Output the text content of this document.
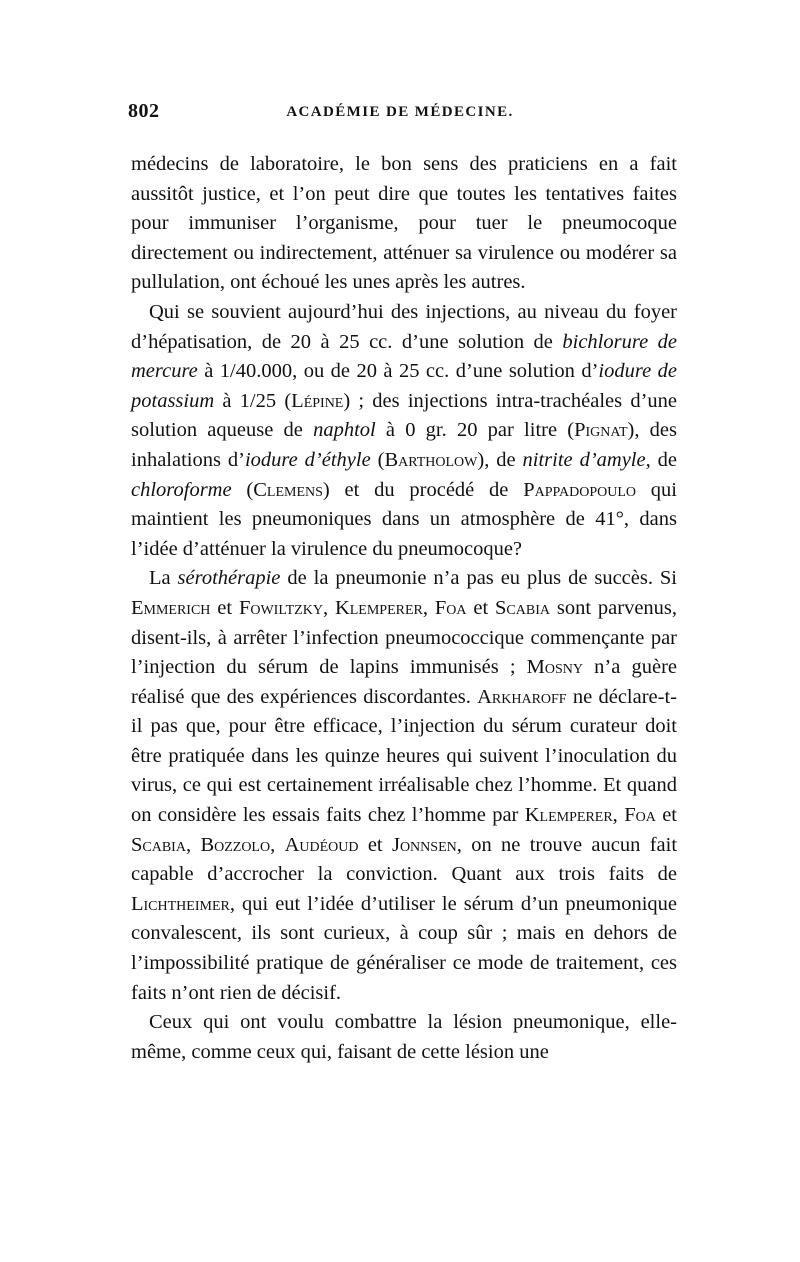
802	ACADÉMIE DE MÉDECINE.

médecins de laboratoire, le bon sens des praticiens en a fait aussitôt justice, et l’on peut dire que toutes les tentatives faites pour immuniser l’organisme, pour tuer le pneumocoque directement ou indirectement, atténuer sa virulence ou modérer sa pullulation, ont échoué les unes après les autres.

Qui se souvient aujourd’hui des injections, au niveau du foyer d’hépatisation, de 20 à 25 cc. d’une solution de bichlorure de mercure à 1/40.000, ou de 20 à 25 cc. d’une solution d’iodure de potassium à 1/25 (Lépine) ; des injections intra-trachéales d’une solution aqueuse de naphtol à 0 gr. 20 par litre (Pignat), des inhalations d’iodure d’éthyle (Bartholow), de nitrite d’amyle, de chloroforme (Clemens) et du procédé de Pappadopoulo qui maintient les pneumoniques dans un atmosphère de 41°, dans l’idée d’atténuer la virulence du pneumocoque?

La sérothérapie de la pneumonie n’a pas eu plus de succès. Si Emmerich et Fowiltzky, Klemperer, Foa et Scabia sont parvenus, disent-ils, à arrêter l’infection pneumococcique commençante par l’injection du sérum de lapins immunisés ; Mosny n’a guère réalisé que des expériences discordantes. Arkharoff ne déclare-t-il pas que, pour être efficace, l’injection du sérum curateur doit être pratiquée dans les quinze heures qui suivent l’inoculation du virus, ce qui est certainement irréalisable chez l’homme. Et quand on considère les essais faits chez l’homme par Klemperer, Foa et Scabia, Bozzolo, Audéoud et Jonnsen, on ne trouve aucun fait capable d’accrocher la conviction. Quant aux trois faits de Lichtheimer, qui eut l’idée d’utiliser le sérum d’un pneumonique convalescent, ils sont curieux, à coup sûr ; mais en dehors de l’impossibilité pratique de généraliser ce mode de traitement, ces faits n’ont rien de décisif.

Ceux qui ont voulu combattre la lésion pneumonique, elle-même, comme ceux qui, faisant de cette lésion une
